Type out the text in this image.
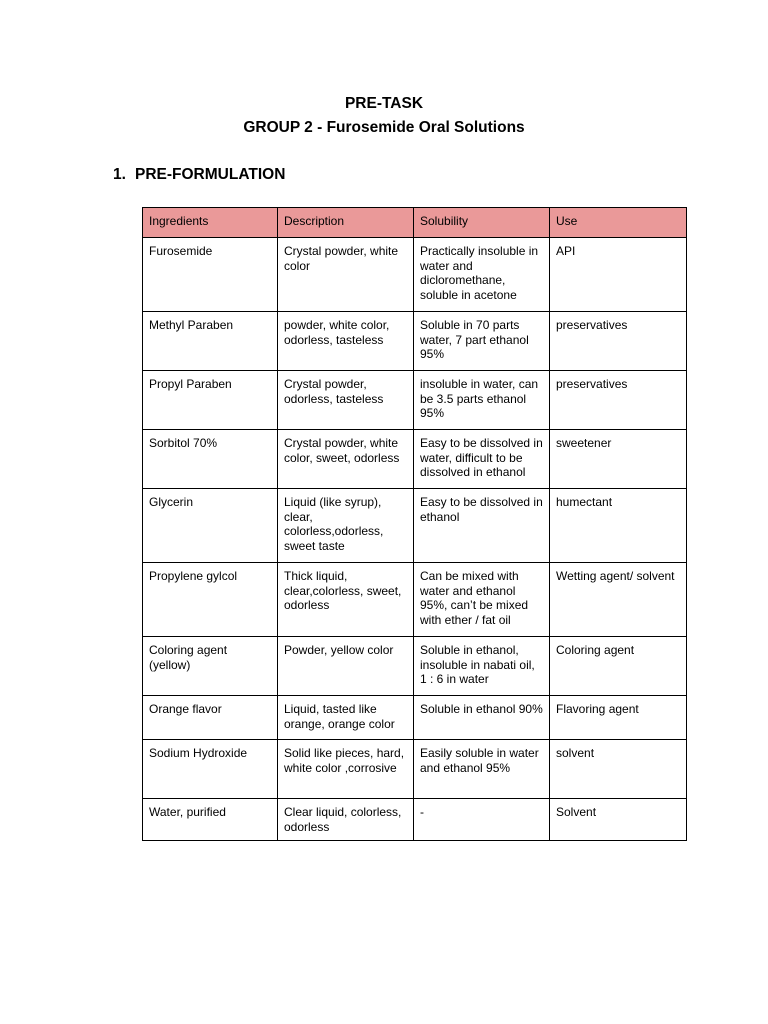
PRE-TASK
GROUP 2 - Furosemide Oral Solutions
1. PRE-FORMULATION
Ingredients	Description	Solubility	Use
Furosemide	Crystal powder, white color	Practically insoluble in water and dicloromethane, soluble in acetone	API
Methyl Paraben	powder, white color, odorless, tasteless	Soluble in 70 parts water, 7 part ethanol 95%	preservatives
Propyl Paraben	Crystal powder, odorless, tasteless	insoluble in water, can be 3.5 parts ethanol 95%	preservatives
Sorbitol 70%	Crystal powder, white color, sweet, odorless	Easy to be dissolved in water, difficult to be dissolved in ethanol	sweetener
Glycerin	Liquid (like syrup), clear, colorless,odorless, sweet taste	Easy to be dissolved in ethanol	humectant
Propylene gylcol	Thick liquid, clear,colorless, sweet, odorless	Can be mixed with water and ethanol 95%, can’t be mixed with ether / fat oil	Wetting agent/ solvent
Coloring agent (yellow)	Powder, yellow color	Soluble in ethanol, insoluble in nabati oil, 1 : 6 in water	Coloring agent
Orange flavor	Liquid, tasted like orange, orange color	Soluble in ethanol 90%	Flavoring agent
Sodium Hydroxide	Solid like pieces, hard, white color ,corrosive	Easily soluble in water and ethanol 95%	solvent
Water, purified	Clear liquid, colorless, odorless	-	Solvent
